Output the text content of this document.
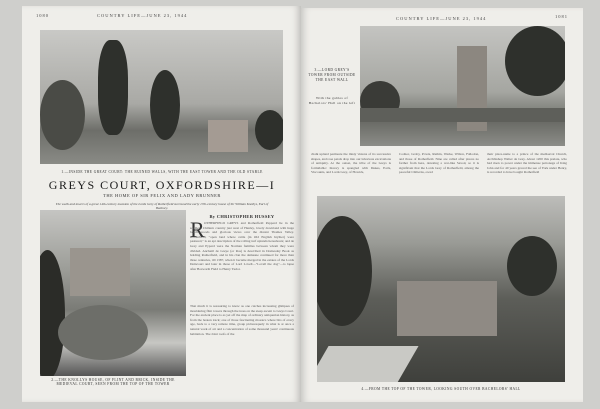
1080	COUNTRY LIFE—JUNE 23, 1944
1.—INSIDE THE GREAT COURT: THE RUINED WALLS, WITH THE EAST TOWER AND THE OLD STABLE
GREYS COURT, OXFORDSHIRE—I
THE HOME OF SIR FELIX AND LADY BRUNNER
The walls and towers of a great 14th-century mansion of the Lords Grey of Rotherfield surround the early 17th-century house of Sir William Knollys, Earl of Banbury.
By CHRISTOPHER HUSSEY
R OTHERFIELD GREYS and Rotherfield Peppard lie in the southern Chiltern country just west of Henley, lovely downland with huge beech woods and glorious views over the distant Thames Valley. Rotherfield, "open land where cattle (in Old English hryther) were pastured," is an apt description of the rolling turf uplands hereabouts; and de Grey and Pypard were the Norman families between whom they were divided. Anchetil de Greye (or Ros) is described in Domesday Book as holding Rotherfield, and in his clan the demesne continued for more than three centuries, till 1387, when it became merged in the estates of the Lords Deincourt and later in those of Lord Lovell—"Lovell the dog"—to lapse after Bosworth Field to Henry Tudor.
That much it is reassuring to know as one catches increasing glimpses of mouldering flint towers through the trees on the steep ascent to Greys Court. For the ancient place is as yet off the map of ordinary antiquarian history, as from the beaten track; one of those fascinating mosaics where bits of every age, back to a very remote time, group picturesquely in what is at once a natural work of art and a concentration of some thousand years' continuous habitation. The Joint roofs of the
2.—THE KNOLLYS HOUSE, OF FLINT AND BRICK, INSIDE THE MEDIEVAL COURT, SEEN FROM THE TOP OF THE TOWER
COUNTRY LIFE—JUNE 23, 1944	1081
3.—LORD GREY'S TOWER FROM OUTSIDE THE EAST WALL
With the gables of Bachelors' Hall on the left
chalk upland permeate the misty visions of its successive shapes, and rose petals drop into our laborious excavations of antiquity. At the outset, the tribe of the Greys is formidable: history is spangled with Dukes, Earls, Viscounts, and Lords Grey, of Howick,
Codnor, Groby, Powis, Ruthin, Warke, Wilton, Fallodon, and those of Rotherfield. Nine are called after places no farther from here, denoting a war-like Saxon; so it is significant that the Lords Grey of Rotherfield, among the peaceful Chilterns, owed
their place-name to a prince of the mediaeval Church, Archbishop Walter de Grey. About 1200 this prelate, who had risen to power under the immense patronage of King John and for 40 years graced the see of York under Henry, is recorded to have bought Rotherfield
4.—FROM THE TOP OF THE TOWER, LOOKING SOUTH OVER BACHELORS' HALL
